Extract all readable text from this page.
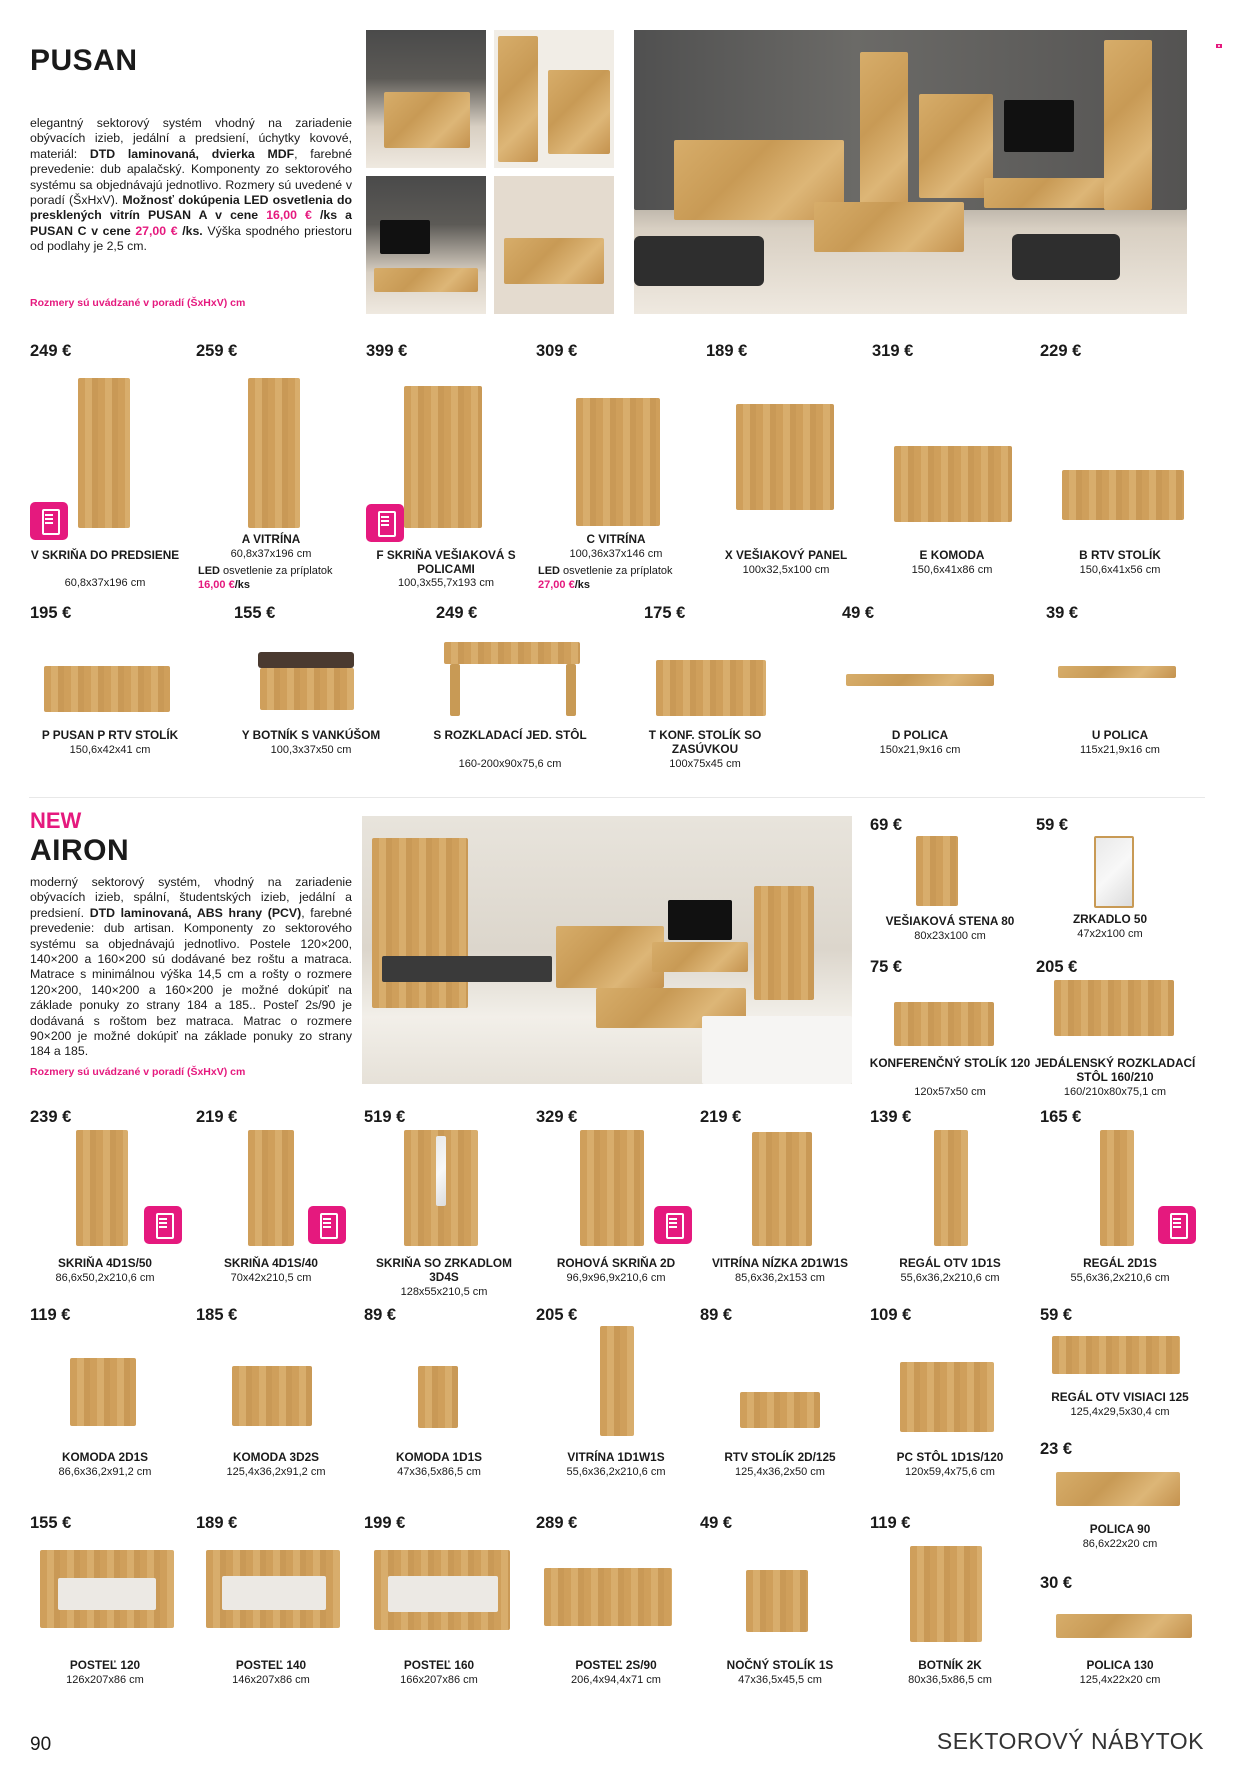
PUSAN
elegantný sektorový systém vhodný na zariadenie obývacích izieb, jedální a predsiení, úchytky kovové, materiál: DTD laminovaná, dvierka MDF, farebné prevedenie: dub apalačský. Komponenty zo sektorového systému sa objednávajú jednotlivo. Rozmery sú uvedené v poradí (ŠxHxV). Možnosť dokúpenia LED osvetlenia do presklených vitrín PUSAN A v cene 16,00 € /ks a PUSAN C v cene 27,00 € /ks. Výška spodného priestoru od podlahy je 2,5 cm.
Rozmery sú uvádzané v poradí (ŠxHxV) cm
249 €
V SKRIŇA DO PREDSIENE
60,8x37x196 cm
259 €
A VITRÍNA
60,8x37x196 cm
LED osvetlenie za príplatok 16,00 €/ks
399 €
F SKRIŇA VEŠIAKOVÁ S POLICAMI
100,3x55,7x193 cm
309 €
C VITRÍNA
100,36x37x146 cm
LED osvetlenie za príplatok 27,00 €/ks
189 €
X VEŠIAKOVÝ PANEL
100x32,5x100 cm
319 €
E KOMODA
150,6x41x86 cm
229 €
B RTV STOLÍK
150,6x41x56 cm
195 €
P PUSAN P RTV STOLÍK
150,6x42x41 cm
155 €
Y BOTNÍK S VANKÚŠOM
100,3x37x50 cm
249 €
S ROZKLADACÍ JED. STÔL
160-200x90x75,6 cm
175 €
T KONF. STOLÍK SO ZASÚVKOU
100x75x45 cm
49 €
D POLICA
150x21,9x16 cm
39 €
U POLICA
115x21,9x16 cm
NEW
AIRON
moderný sektorový systém, vhodný na zariadenie obývacích izieb, spální, študentských izieb, jedální a predsiení. DTD laminovaná, ABS hrany (PCV), farebné prevedenie: dub artisan. Komponenty zo sektorového systému sa objednávajú jednotlivo. Postele 120×200, 140×200 a 160×200 sú dodávané bez roštu a matraca. Matrace s minimálnou výška 14,5 cm a rošty o rozmere 120×200, 140×200 a 160×200 je možné dokúpiť na základe ponuky zo strany 184 a 185.. Posteľ 2s/90 je dodávaná s roštom bez matraca. Matrac o rozmere 90×200 je možné dokúpiť na základe ponuky zo strany 184 a 185.
Rozmery sú uvádzané v poradí (ŠxHxV) cm
69 €
VEŠIAKOVÁ STENA 80
80x23x100 cm
59 €
ZRKADLO 50
47x2x100 cm
75 €
KONFERENČNÝ STOLÍK 120
120x57x50 cm
205 €
JEDÁLENSKÝ ROZKLADACÍ STÔL 160/210
160/210x80x75,1 cm
239 €
SKRIŇA 4D1S/50
86,6x50,2x210,6 cm
219 €
SKRIŇA 4D1S/40
70x42x210,5 cm
519 €
SKRIŇA SO ZRKADLOM 3D4S
128x55x210,5 cm
329 €
ROHOVÁ SKRIŇA 2D
96,9x96,9x210,6 cm
219 €
VITRÍNA NÍZKA 2D1W1S
85,6x36,2x153 cm
139 €
REGÁL OTV 1D1S
55,6x36,2x210,6 cm
165 €
REGÁL 2D1S
55,6x36,2x210,6 cm
119 €
KOMODA 2D1S
86,6x36,2x91,2 cm
185 €
KOMODA 3D2S
125,4x36,2x91,2 cm
89 €
KOMODA 1D1S
47x36,5x86,5 cm
205 €
VITRÍNA 1D1W1S
55,6x36,2x210,6 cm
89 €
RTV STOLÍK 2D/125
125,4x36,2x50 cm
109 €
PC STÔL 1D1S/120
120x59,4x75,6 cm
59 €
REGÁL OTV VISIACI 125
125,4x29,5x30,4 cm
23 €
POLICA 90
86,6x22x20 cm
155 €
POSTEĽ 120
126x207x86 cm
189 €
POSTEĽ 140
146x207x86 cm
199 €
POSTEĽ 160
166x207x86 cm
289 €
POSTEĽ 2S/90
206,4x94,4x71 cm
49 €
NOČNÝ STOLÍK 1S
47x36,5x45,5 cm
119 €
BOTNÍK 2K
80x36,5x86,5 cm
30 €
POLICA 130
125,4x22x20 cm
90	SEKTOROVÝ NÁBYTOK
